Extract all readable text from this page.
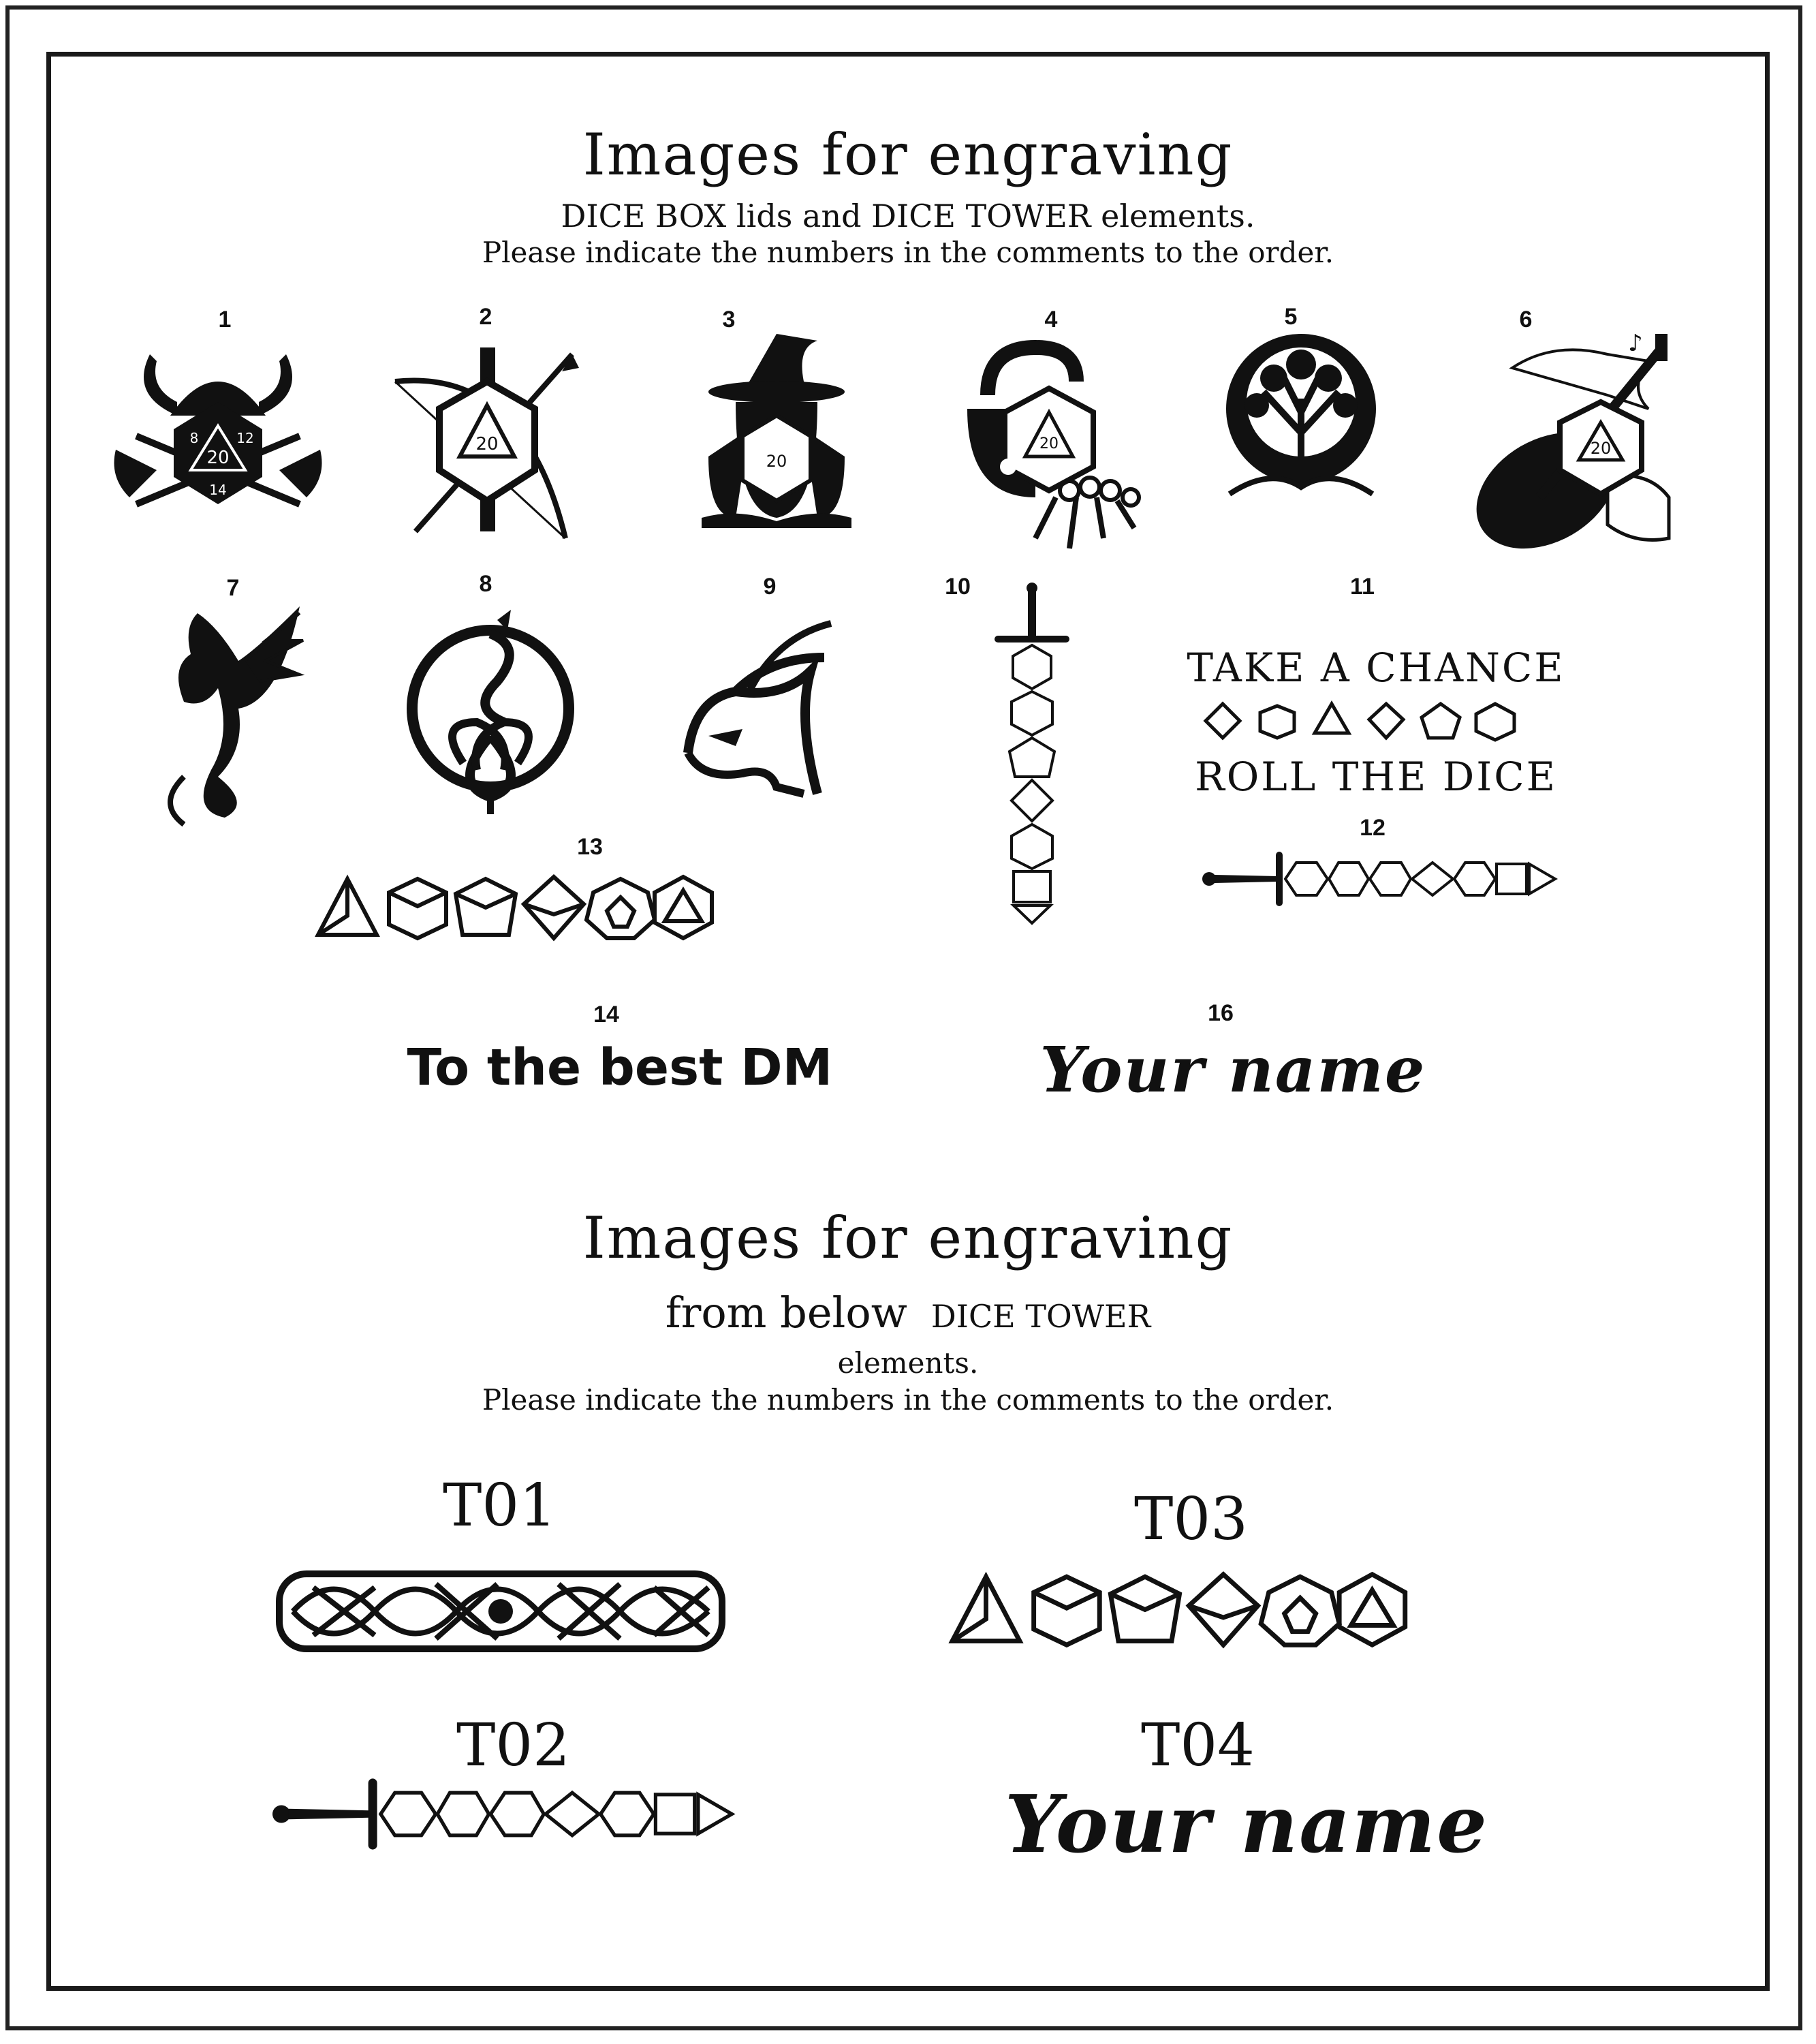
Images for engraving
DICE BOX lids and DICE TOWER elements.
Please indicate the numbers in the comments to the order.
1	2	3	4	5	6
7	8	9	10	11
12
13
14	16
20
8	12
14
20
20
20
♪
20
TAKE A CHANCE
ROLL THE DICE
To the best DM	Your name
Images for engraving
from below DICE TOWER
elements.
Please indicate the numbers in the comments to the order.
T01	T03
T02	T04
Your name
